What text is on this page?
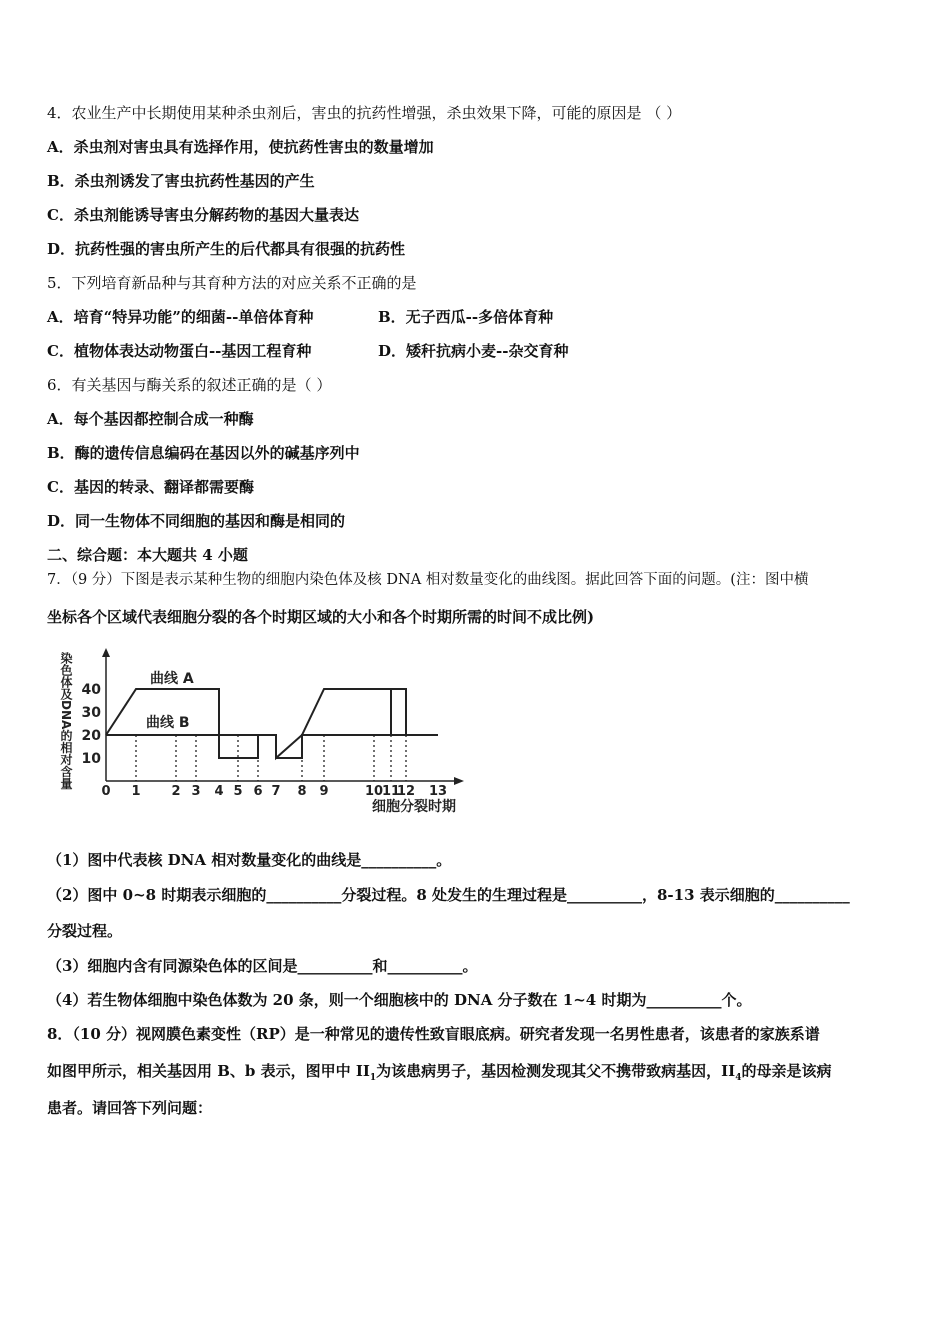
4．农业生产中长期使用某种杀虫剂后，害虫的抗药性增强，杀虫效果下降，可能的原因是 （ ）
A．杀虫剂对害虫具有选择作用，使抗药性害虫的数量增加
B．杀虫剂诱发了害虫抗药性基因的产生
C．杀虫剂能诱导害虫分解药物的基因大量表达
D．抗药性强的害虫所产生的后代都具有很强的抗药性
5．下列培育新品种与其育种方法的对应关系不正确的是
A．培育“特异功能”的细菌--单倍体育种	B．无子西瓜--多倍体育种
C．植物体表达动物蛋白--基因工程育种	D．矮秆抗病小麦--杂交育种
6．有关基因与酶关系的叙述正确的是（ ）
A．每个基因都控制合成一种酶
B．酶的遗传信息编码在基因以外的碱基序列中
C．基因的转录、翻译都需要酶
D．同一生物体不同细胞的基因和酶是相同的
二、综合题：本大题共 4 小题
7．（9 分）下图是表示某种生物的细胞内染色体及核 DNA 相对数量变化的曲线图。据此回答下面的问题。(注：图中横
坐标各个区域代表细胞分裂的各个时期区域的大小和各个时期所需的时间不成比例)
10
20
30
40
0 1 2 3 4 5 6 7 8 9	10
11
12 13
染色体及DNA的相对含量
细胞分裂时期
曲线 A
曲线 B
（1）图中代表核 DNA 相对数量变化的曲线是__________。
（2）图中 0~8 时期表示细胞的__________分裂过程。8 处发生的生理过程是__________，8-13 表示细胞的__________
分裂过程。
（3）细胞内含有同源染色体的区间是__________和__________。
（4）若生物体细胞中染色体数为 20 条，则一个细胞核中的 DNA 分子数在 1~4 时期为__________个。
8．（10 分）视网膜色素变性（RP）是一种常见的遗传性致盲眼底病。研究者发现一名男性患者，该患者的家族系谱
如图甲所示，相关基因用 B、b 表示，图甲中 $II_1$为该患病男子，基因检测发现其父不携带致病基因，$II_4$的母亲是该病
患者。请回答下列问题：
